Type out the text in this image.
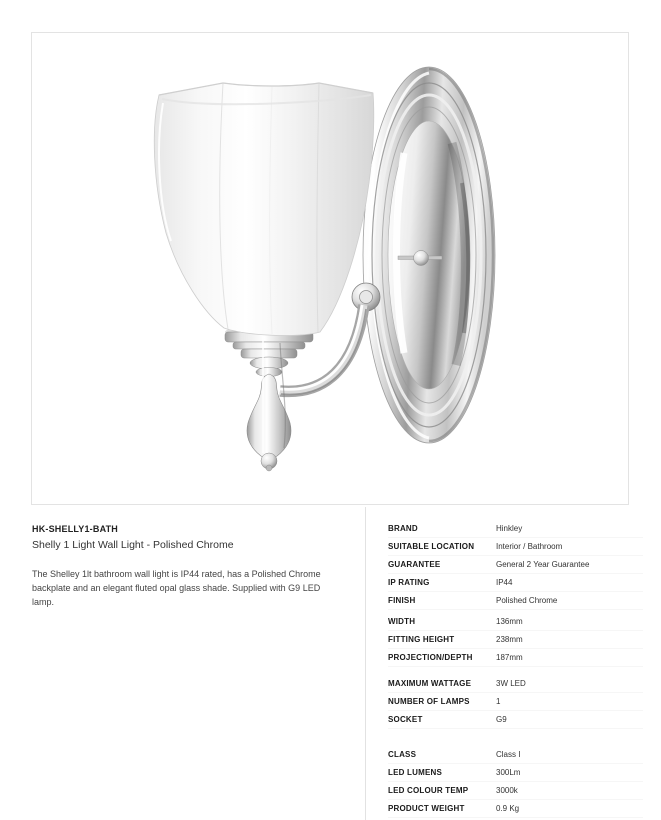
HK-SHELLY1-BATH
Shelly 1 Light Wall Light - Polished Chrome
The Shelley 1lt bathroom wall light is IP44 rated, has a Polished Chrome backplate and an elegant fluted opal glass shade. Supplied with G9 LED lamp.
BRAND	Hinkley
SUITABLE LOCATION	Interior / Bathroom
GUARANTEE	General 2 Year Guarantee
IP RATING	IP44
FINISH	Polished Chrome
WIDTH	136mm
FITTING HEIGHT	238mm
PROJECTION/DEPTH	187mm
MAXIMUM WATTAGE	3W LED
NUMBER OF LAMPS	1
SOCKET	G9
CLASS	Class I
LED LUMENS	300Lm
LED COLOUR TEMP	3000k
PRODUCT WEIGHT	0.9 Kg
